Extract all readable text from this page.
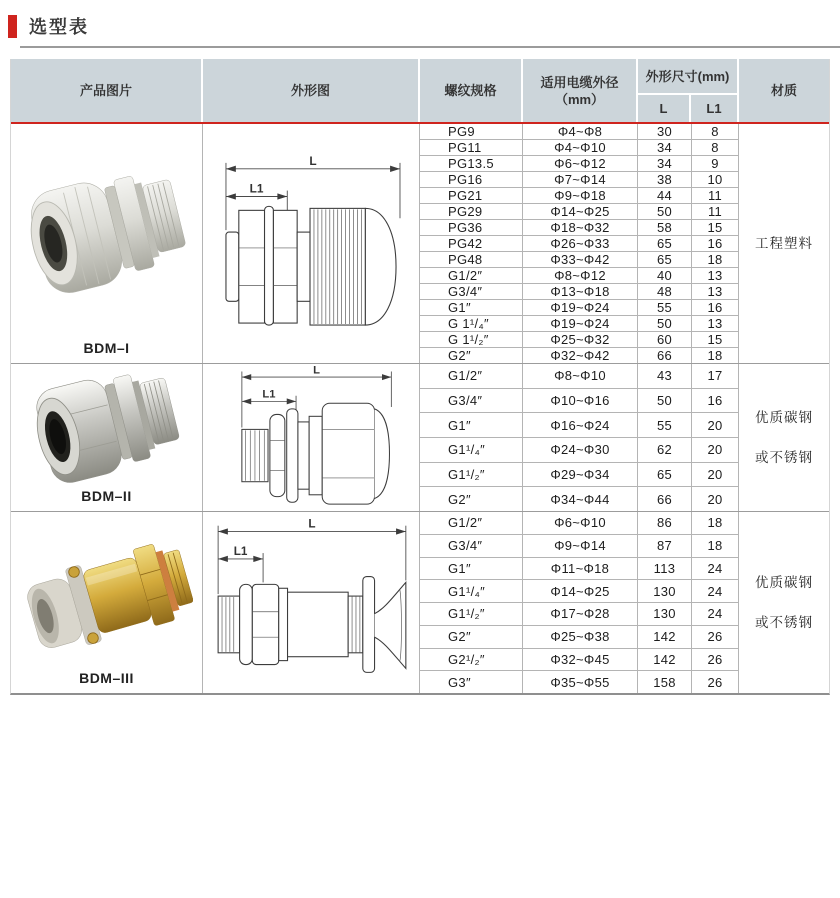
选型表
产品图片	外形图	螺纹规格
适用电缆外径
（mm）
外形尺寸(mm)
L	L1
材质
BDM–I
L
L1
PG9	Φ4~Φ8	30	8
PG11	Φ4~Φ10	34	8
PG13.5	Φ6~Φ12	34	9
PG16	Φ7~Φ14	38	10
PG21	Φ9~Φ18	44	11
PG29	Φ14~Φ25	50	11
PG36	Φ18~Φ32	58	15
PG42	Φ26~Φ33	65	16
PG48	Φ33~Φ42	65	18
G1/2″	Φ8~Φ12	40	13
G3/4″	Φ13~Φ18	48	13
G1″	Φ19~Φ24	55	16
G 1¹/₄″	Φ19~Φ24	50	13
G 1¹/₂″	Φ25~Φ32	60	15
G2″	Φ32~Φ42	66	18
工程塑料
BDM–II
L
L1
G1/2″	Φ8~Φ10	43	17
G3/4″	Φ10~Φ16	50	16
G1″	Φ16~Φ24	55	20
G1¹/₄″	Φ24~Φ30	62	20
G1¹/₂″	Φ29~Φ34	65	20
G2″	Φ34~Φ44	66	20
优质碳钢
或不锈钢
BDM–III
L
L1
G1/2″	Φ6~Φ10	86	18
G3/4″	Φ9~Φ14	87	18
G1″	Φ11~Φ18	113	24
G1¹/₄″	Φ14~Φ25	130	24
G1¹/₂″	Φ17~Φ28	130	24
G2″	Φ25~Φ38	142	26
G2¹/₂″	Φ32~Φ45	142	26
G3″	Φ35~Φ55	158	26
优质碳钢
或不锈钢
